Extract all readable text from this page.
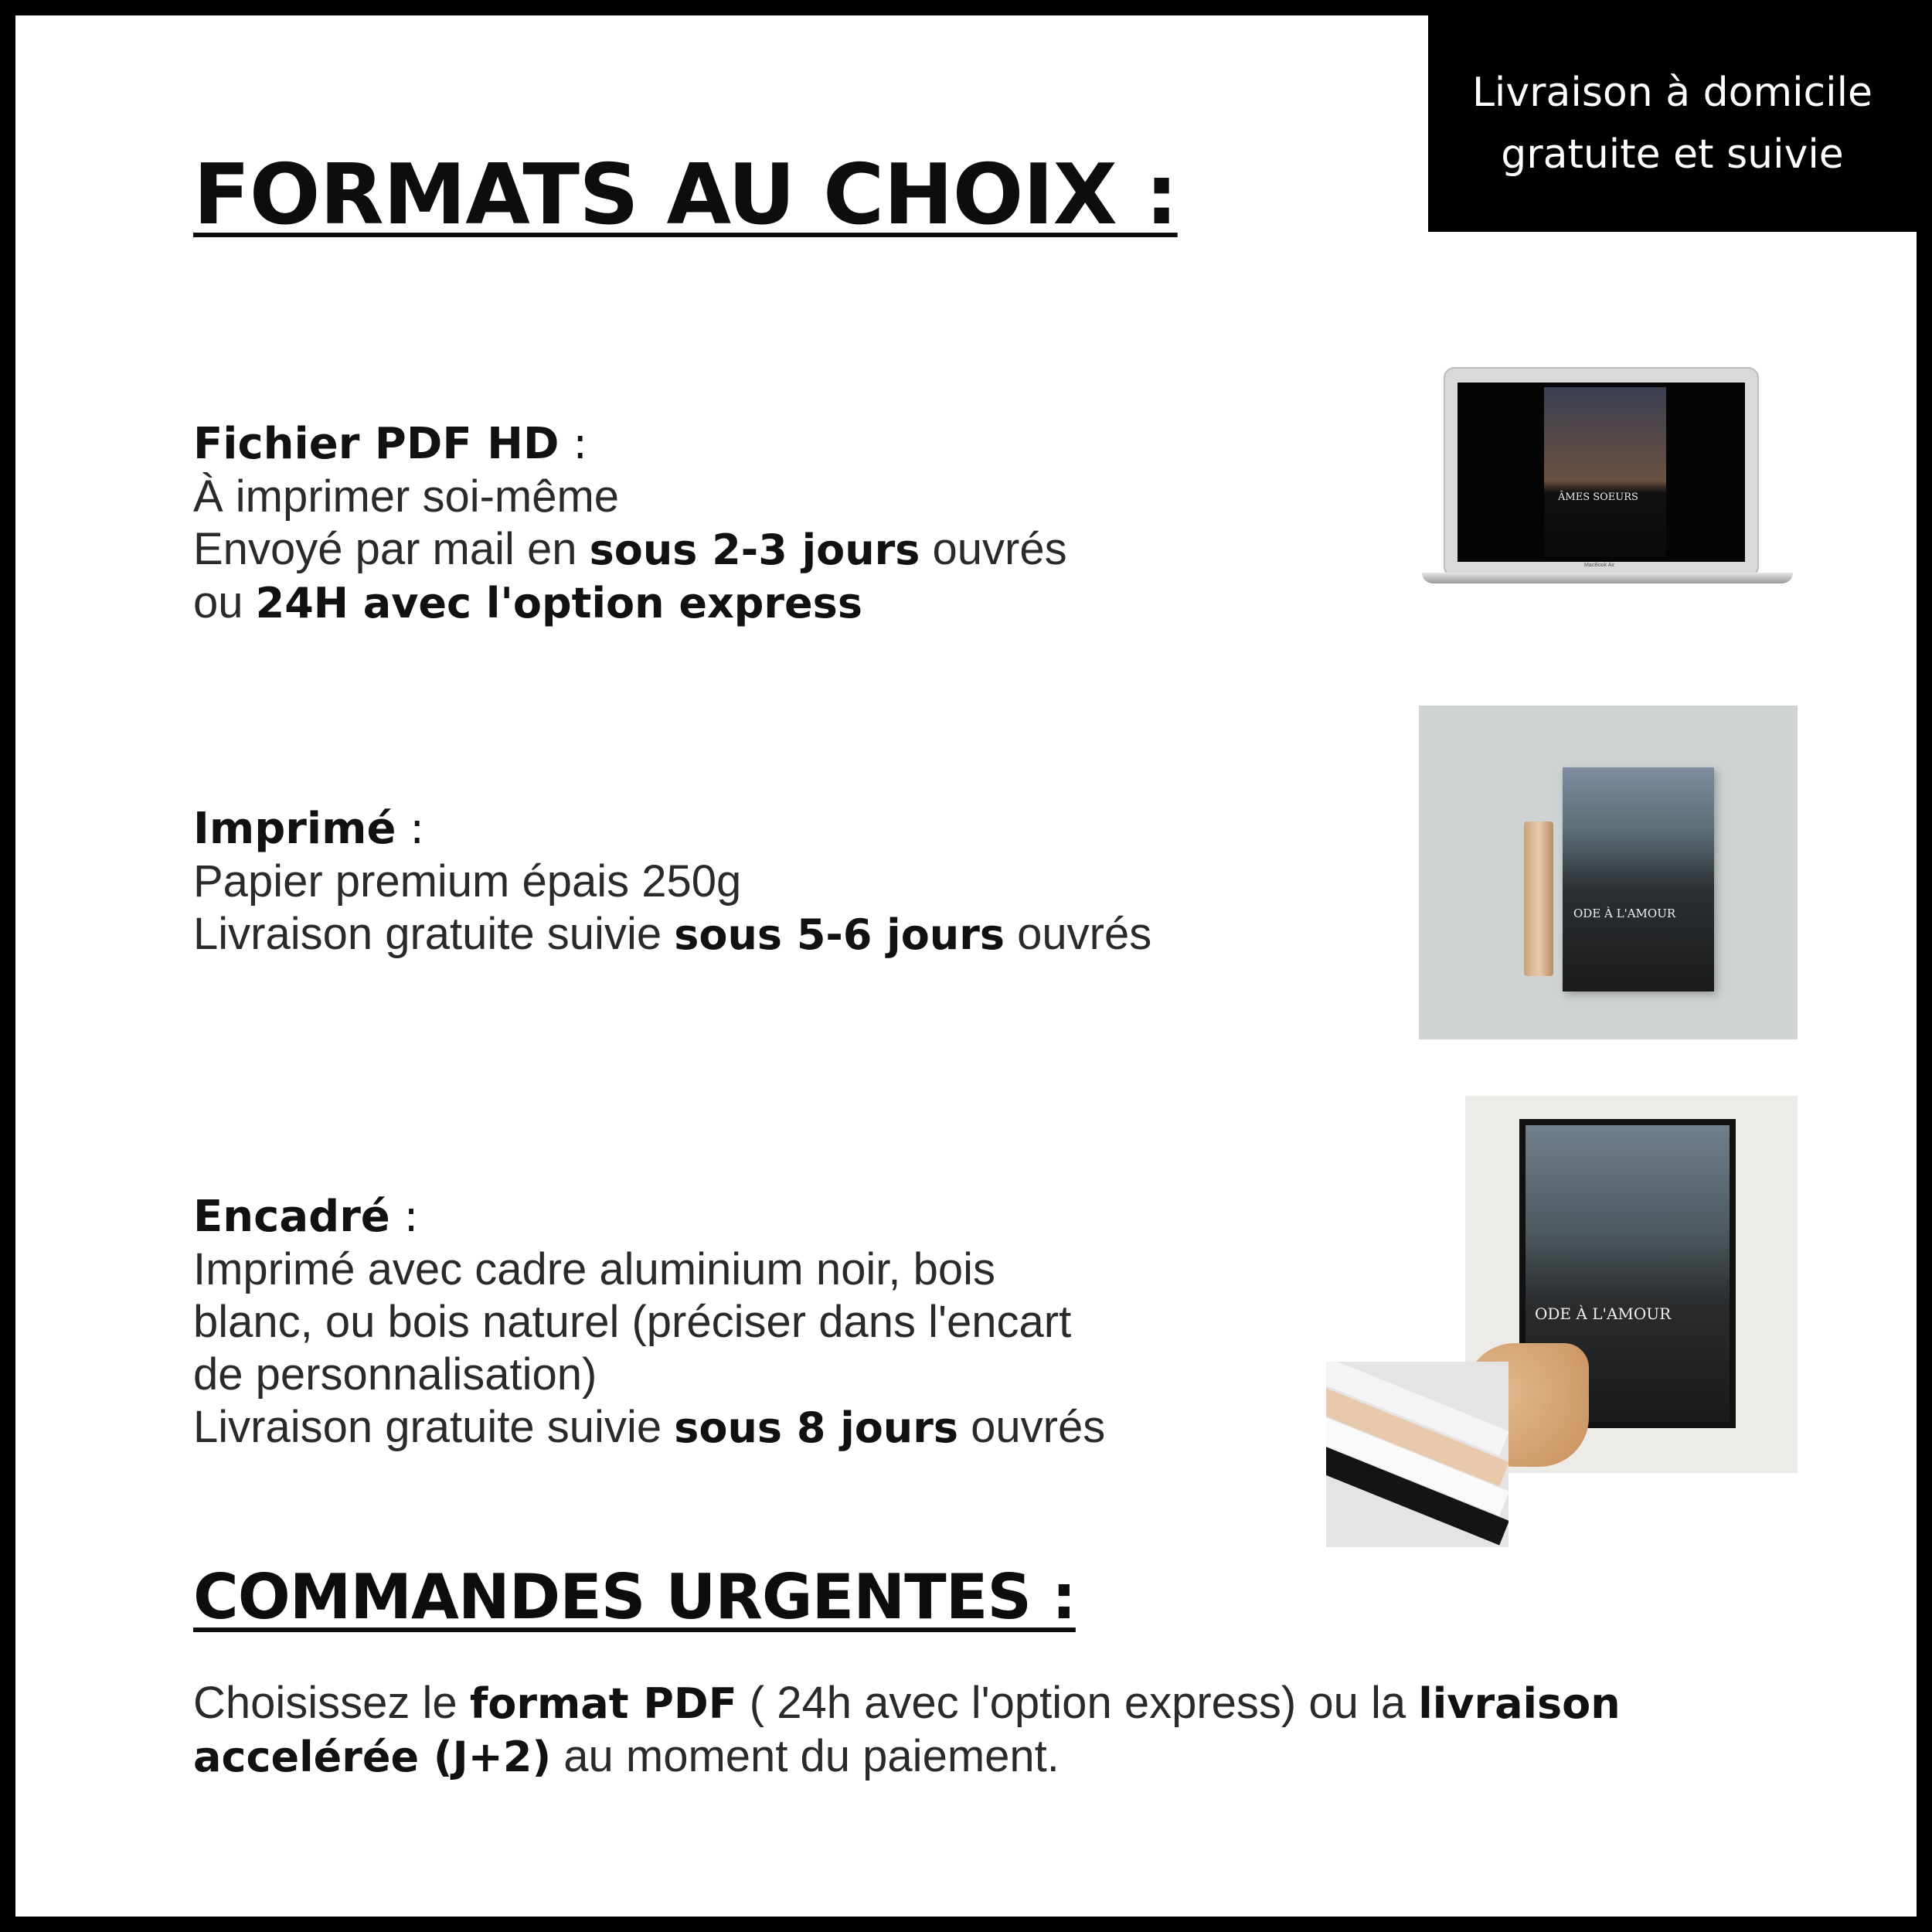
Livraison à domicile
gratuite et suivie
FORMATS AU CHOIX :
Fichier PDF HD :
À imprimer soi-même
Envoyé par mail en sous 2-3 jours ouvrés
ou 24H avec l'option express
ÂMES SOEURS
MacBook Air
Imprimé :
Papier premium épais 250g
Livraison gratuite suivie sous 5-6 jours ouvrés	ODE À L'AMOUR
Encadré :
Imprimé avec cadre aluminium noir, bois
blanc, ou bois naturel (préciser dans l'encart
de personnalisation)
Livraison gratuite suivie sous 8 jours ouvrés
ODE À L'AMOUR
COMMANDES URGENTES :
Choisissez le format PDF ( 24h avec l'option express) ou la livraison accelérée (J+2) au moment du paiement.
